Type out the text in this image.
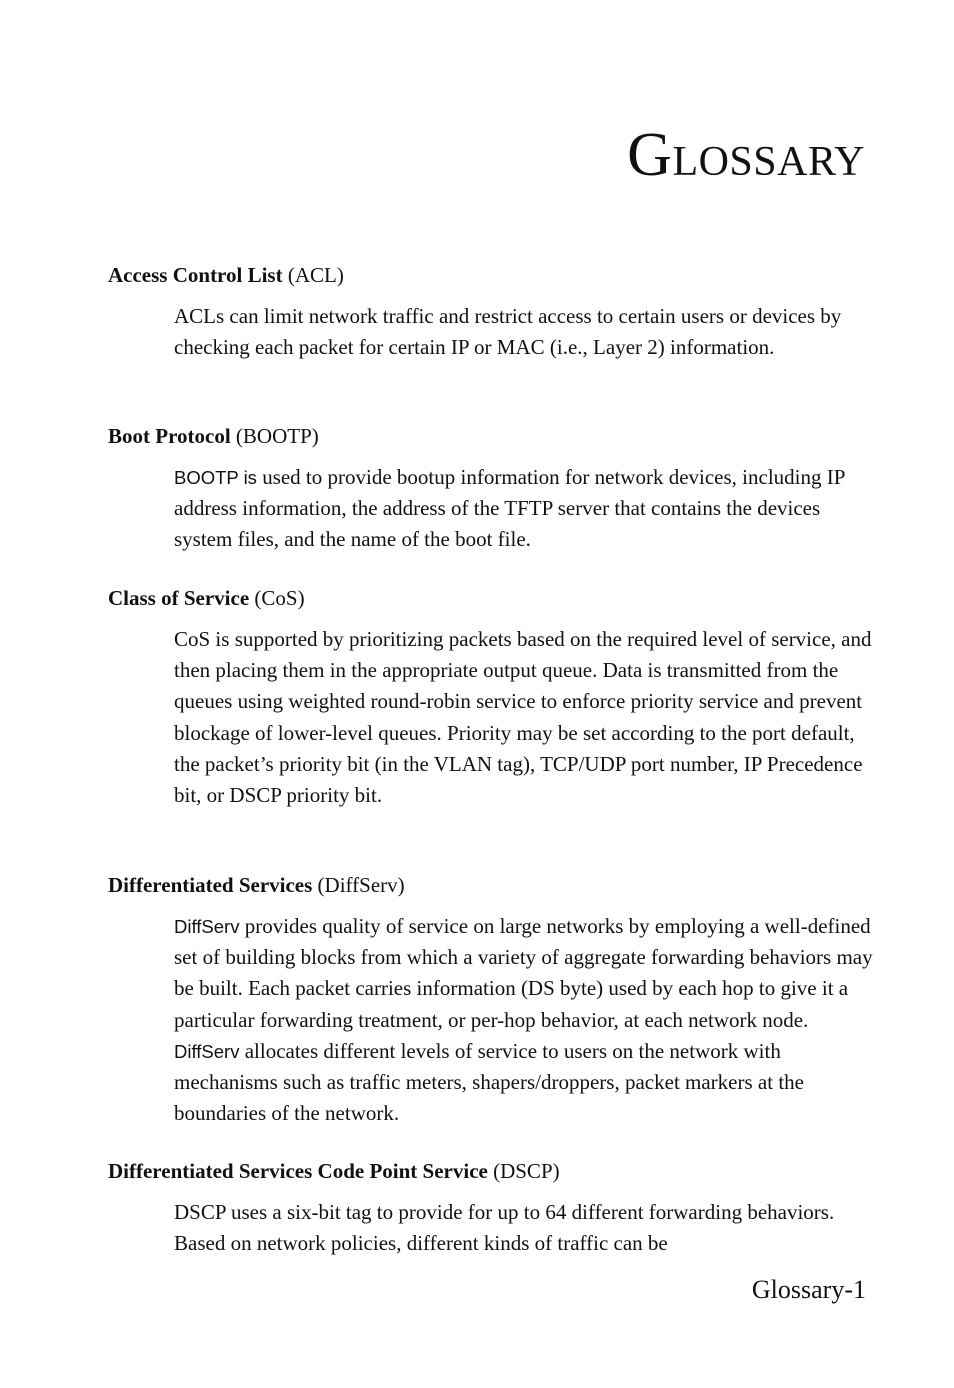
GLOSSARY

Access Control List (ACL)

ACLs can limit network traffic and restrict access to certain users or devices by checking each packet for certain IP or MAC (i.e., Layer 2) information.

Boot Protocol (BOOTP)

BOOTP is used to provide bootup information for network devices, including IP address information, the address of the TFTP server that contains the devices system files, and the name of the boot file.

Class of Service (CoS)

CoS is supported by prioritizing packets based on the required level of service, and then placing them in the appropriate output queue. Data is transmitted from the queues using weighted round-robin service to enforce priority service and prevent blockage of lower-level queues. Priority may be set according to the port default, the packet’s priority bit (in the VLAN tag), TCP/UDP port number, IP Precedence bit, or DSCP priority bit.

Differentiated Services (DiffServ)

DiffServ provides quality of service on large networks by employing a well-defined set of building blocks from which a variety of aggregate forwarding behaviors may be built. Each packet carries information (DS byte) used by each hop to give it a particular forwarding treatment, or per-hop behavior, at each network node. DiffServ allocates different levels of service to users on the network with mechanisms such as traffic meters, shapers/droppers, packet markers at the boundaries of the network.

Differentiated Services Code Point Service (DSCP)

DSCP uses a six-bit tag to provide for up to 64 different forwarding behaviors. Based on network policies, different kinds of traffic can be

Glossary-1
